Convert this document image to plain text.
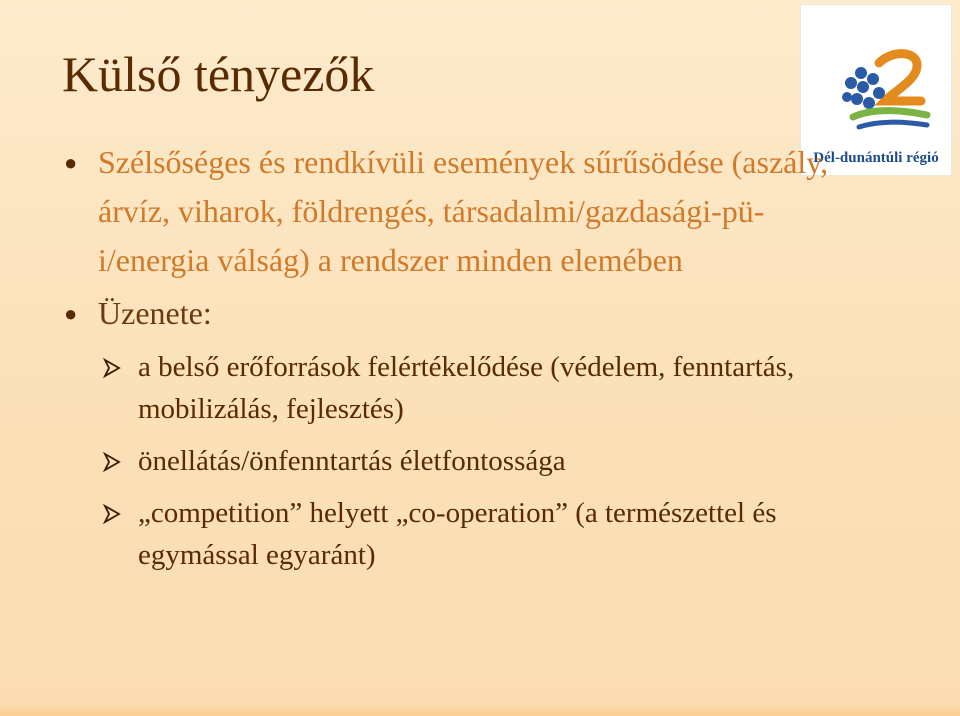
Külső tényezők
Dél-dunántúli régió
● Szélsőséges és rendkívüli események sűrűsödése (aszály, árvíz, viharok, földrengés, társadalmi/gazdasági-pü-i/energia válság) a rendszer minden elemében
● Üzenete:
a belső erőforrások felértékelődése (védelem, fenntartás, mobilizálás, fejlesztés)
önellátás/önfenntartás életfontossága
„competition” helyett „co-operation” (a természettel és egymással egyaránt)
